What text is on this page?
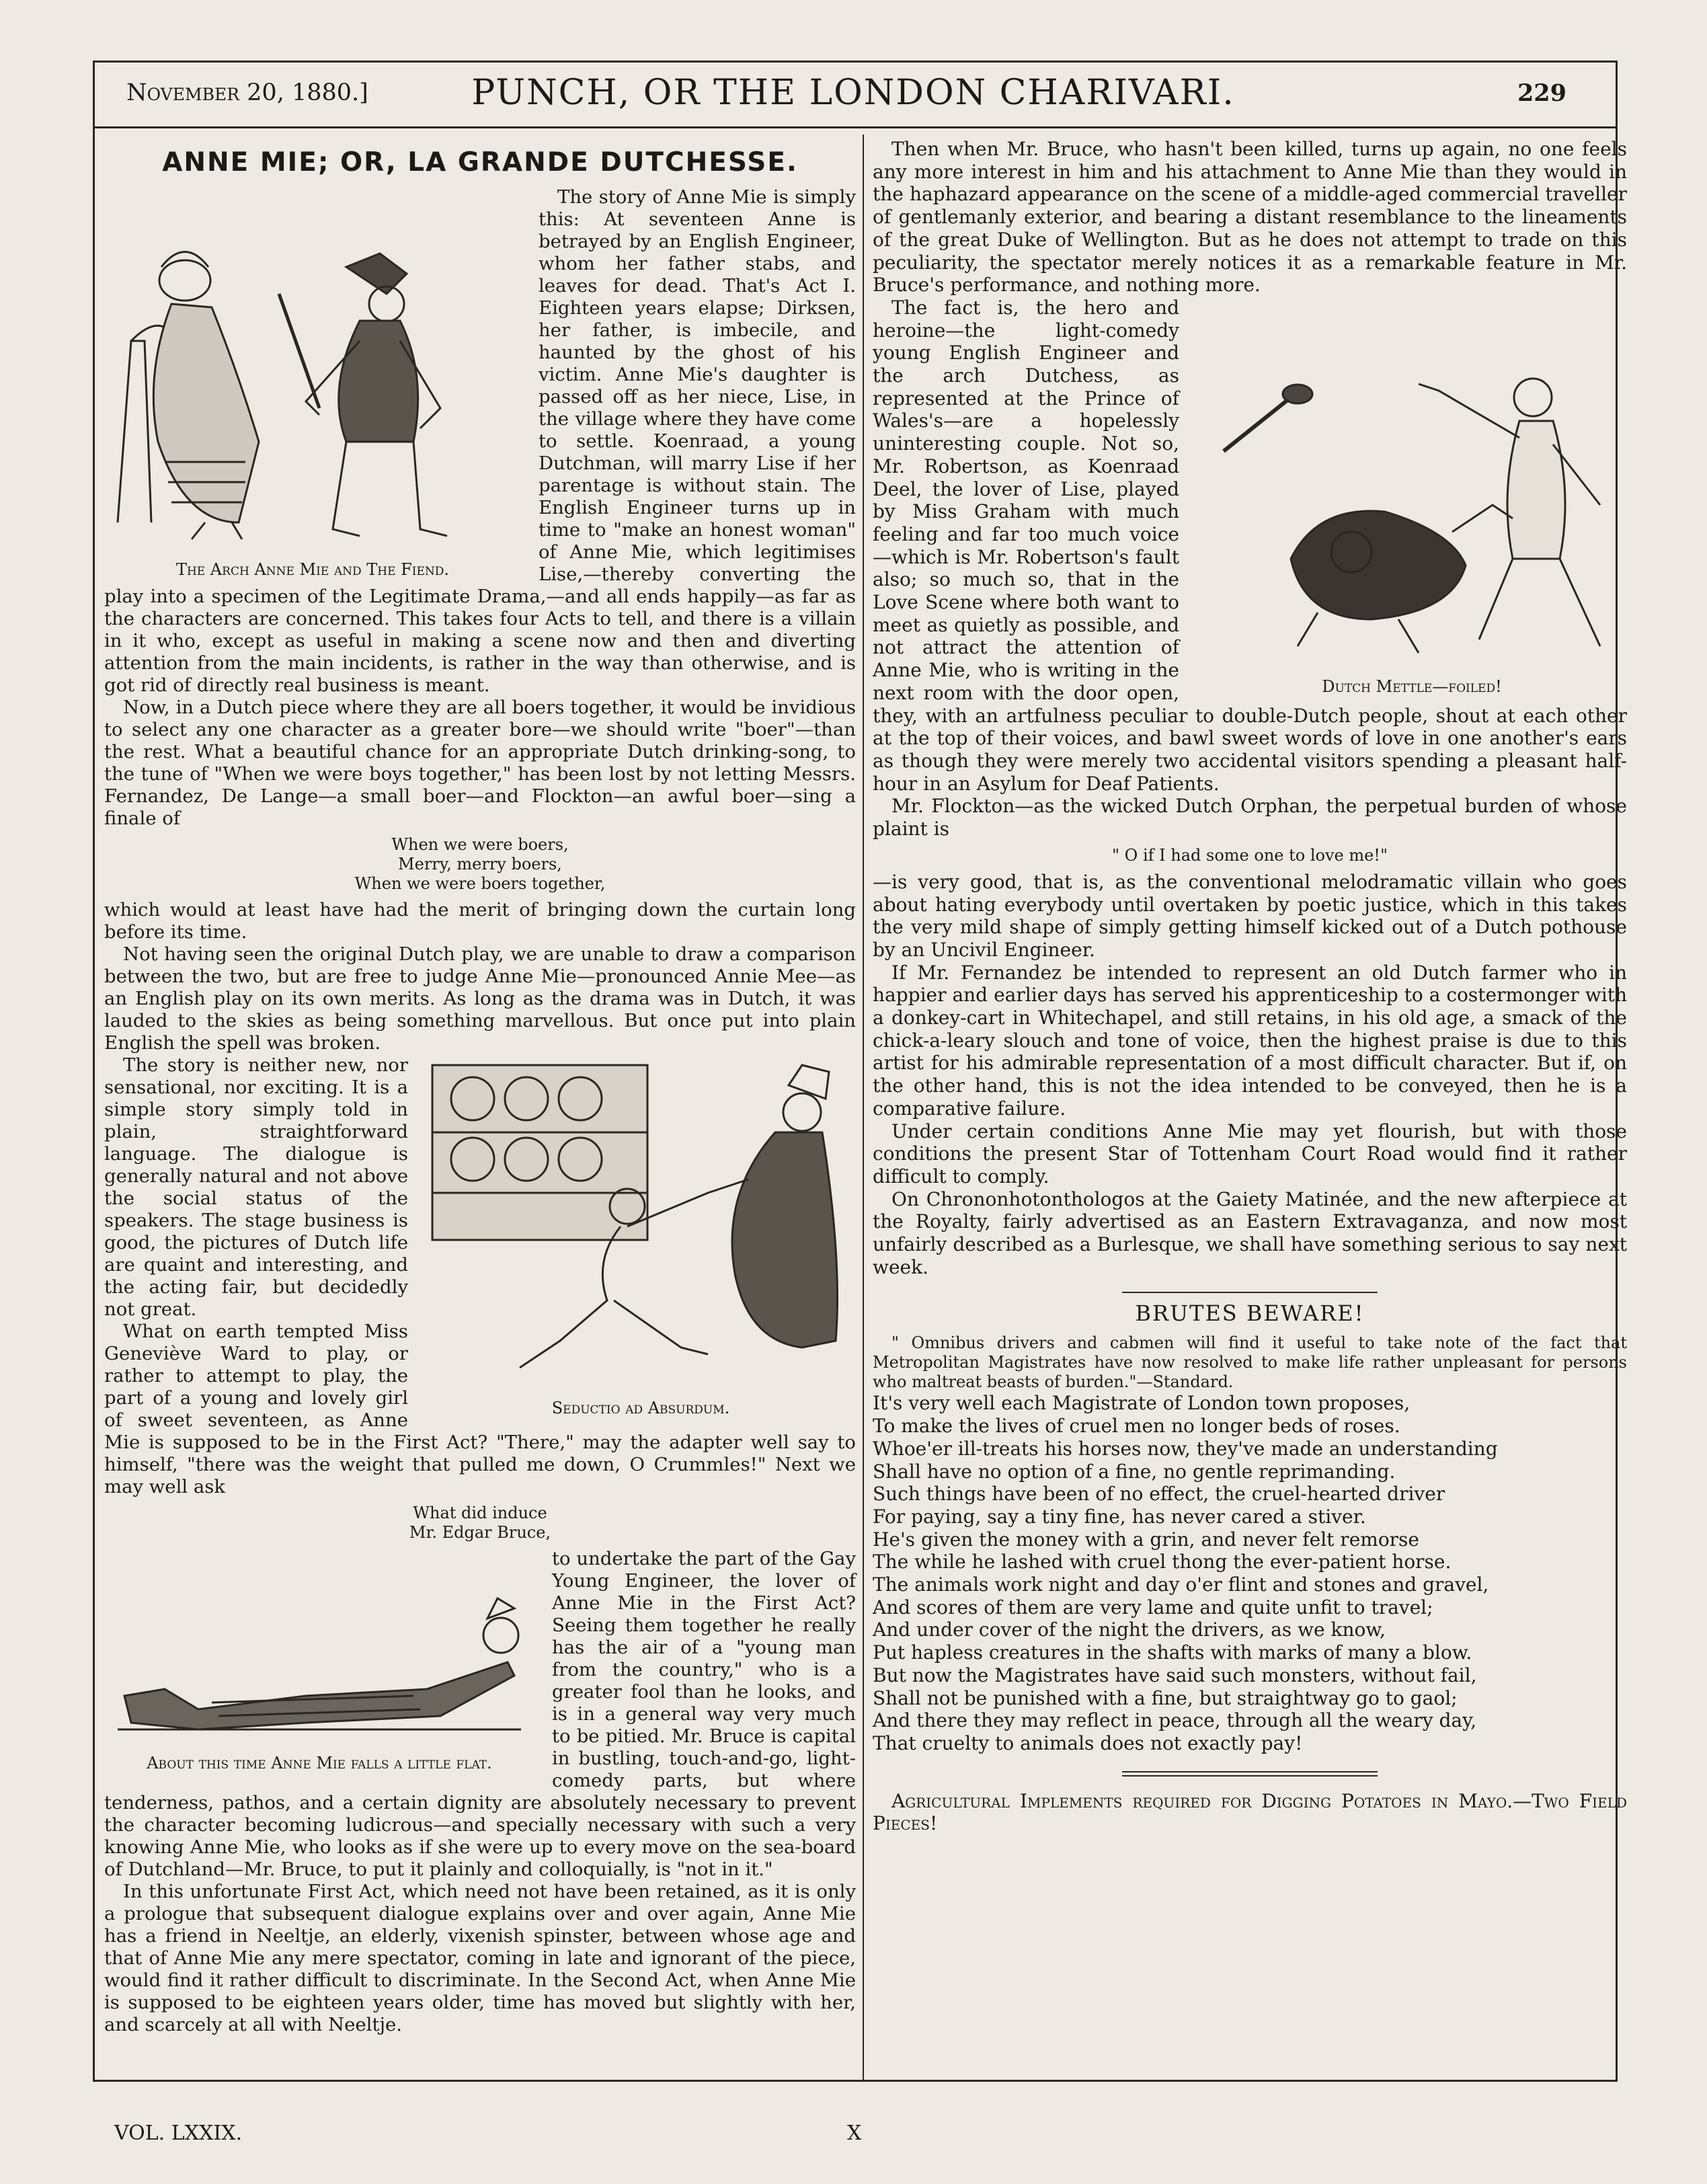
November 20, 1880.]	PUNCH, OR THE LONDON CHARIVARI.	229
ANNE MIE; OR, LA GRANDE DUTCHESSE.
The Arch Anne Mie and The Fiend.

The story of Anne Mie is simply this: At seventeen Anne is betrayed by an English Engineer, whom her father stabs, and leaves for dead. That's Act I. Eighteen years elapse; Dirksen, her father, is imbecile, and haunted by the ghost of his victim. Anne Mie's daughter is passed off as her niece, Lise, in the village where they have come to settle. Koenraad, a young Dutchman, will marry Lise if her parentage is without stain. The English Engineer turns up in time to "make an honest woman" of Anne Mie, which legitimises Lise,—thereby converting the play into a specimen of the Legitimate Drama,—and all ends happily—as far as the characters are concerned. This takes four Acts to tell, and there is a villain in it who, except as useful in making a scene now and then and diverting attention from the main incidents, is rather in the way than otherwise, and is got rid of directly real business is meant.

Now, in a Dutch piece where they are all boers together, it would be invidious to select any one character as a greater bore—we should write "boer"—than the rest. What a beautiful chance for an appropriate Dutch drinking-song, to the tune of "When we were boys together," has been lost by not letting Messrs. Fernandez, De Lange—a small boer—and Flockton—an awful boer—sing a finale of

When we were boers,
Merry, merry boers,
When we were boers together,

which would at least have had the merit of bringing down the curtain long before its time.

Not having seen the original Dutch play, we are unable to draw a comparison between the two, but are free to judge Anne Mie—pronounced Annie Mee—as an English play on its own merits. As long as the drama was in Dutch, it was lauded to the skies as being something marvellous. But once put into plain English the spell was broken.

Seductio ad Absurdum.

The story is neither new, nor sensational, nor exciting. It is a simple story simply told in plain, straightforward language. The dialogue is generally natural and not above the social status of the speakers. The stage business is good, the pictures of Dutch life are quaint and interesting, and the acting fair, but decidedly not great.

What on earth tempted Miss Geneviève Ward to play, or rather to attempt to play, the part of a young and lovely girl of sweet seventeen, as Anne Mie is supposed to be in the First Act? "There," may the adapter well say to himself, "there was the weight that pulled me down, O Crummles!" Next we may well ask

What did induce
Mr. Edgar Bruce,
About this time Anne Mie falls a little flat.

to undertake the part of the Gay Young Engineer, the lover of Anne Mie in the First Act? Seeing them together he really has the air of a "young man from the country," who is a greater fool than he looks, and is in a general way very much to be pitied. Mr. Bruce is capital in bustling, touch-and-go, light-comedy parts, but where tenderness, pathos, and a certain dignity are absolutely necessary to prevent the character becoming ludicrous—and specially necessary with such a very knowing Anne Mie, who looks as if she were up to every move on the sea-board of Dutchland—Mr. Bruce, to put it plainly and colloquially, is "not in it."

In this unfortunate First Act, which need not have been retained, as it is only a prologue that subsequent dialogue explains over and over again, Anne Mie has a friend in Neeltje, an elderly, vixenish spinster, between whose age and that of Anne Mie any mere spectator, coming in late and ignorant of the piece, would find it rather difficult to discriminate. In the Second Act, when Anne Mie is supposed to be eighteen years older, time has moved but slightly with her, and scarcely at all with Neeltje.

Then when Mr. Bruce, who hasn't been killed, turns up again, no one feels any more interest in him and his attachment to Anne Mie than they would in the haphazard appearance on the scene of a middle-aged commercial traveller of gentlemanly exterior, and bearing a distant resemblance to the lineaments of the great Duke of Wellington. But as he does not attempt to trade on this peculiarity, the spectator merely notices it as a remarkable feature in Mr. Bruce's performance, and nothing more.

Dutch Mettle—foiled!

The fact is, the hero and heroine—the light-comedy young English Engineer and the arch Dutchess, as represented at the Prince of Wales's—are a hopelessly uninteresting couple. Not so, Mr. Robertson, as Koenraad Deel, the lover of Lise, played by Miss Graham with much feeling and far too much voice—which is Mr. Robertson's fault also; so much so, that in the Love Scene where both want to meet as quietly as possible, and not attract the attention of Anne Mie, who is writing in the next room with the door open, they, with an artfulness peculiar to double-Dutch people, shout at each other at the top of their voices, and bawl sweet words of love in one another's ears as though they were merely two accidental visitors spending a pleasant half-hour in an Asylum for Deaf Patients.

Mr. Flockton—as the wicked Dutch Orphan, the perpetual burden of whose plaint is

" O if I had some one to love me!"

—is very good, that is, as the conventional melodramatic villain who goes about hating everybody until overtaken by poetic justice, which in this takes the very mild shape of simply getting himself kicked out of a Dutch pothouse by an Uncivil Engineer.

If Mr. Fernandez be intended to represent an old Dutch farmer who in happier and earlier days has served his apprenticeship to a costermonger with a donkey-cart in Whitechapel, and still retains, in his old age, a smack of the chick-a-leary slouch and tone of voice, then the highest praise is due to this artist for his admirable representation of a most difficult character. But if, on the other hand, this is not the idea intended to be conveyed, then he is a comparative failure.

Under certain conditions Anne Mie may yet flourish, but with those conditions the present Star of Tottenham Court Road would find it rather difficult to comply.

On Chrononhotonthologos at the Gaiety Matinée, and the new afterpiece at the Royalty, fairly advertised as an Eastern Extravaganza, and now most unfairly described as a Burlesque, we shall have something serious to say next week.

BRUTES BEWARE!

" Omnibus drivers and cabmen will find it useful to take note of the fact that Metropolitan Magistrates have now resolved to make life rather unpleasant for persons who maltreat beasts of burden."—Standard.

It's very well each Magistrate of London town proposes,
To make the lives of cruel men no longer beds of roses.
Whoe'er ill-treats his horses now, they've made an understanding
Shall have no option of a fine, no gentle reprimanding.
Such things have been of no effect, the cruel-hearted driver
For paying, say a tiny fine, has never cared a stiver.
He's given the money with a grin, and never felt remorse
The while he lashed with cruel thong the ever-patient horse.
The animals work night and day o'er flint and stones and gravel,
And scores of them are very lame and quite unfit to travel;
And under cover of the night the drivers, as we know,
Put hapless creatures in the shafts with marks of many a blow.
But now the Magistrates have said such monsters, without fail,
Shall not be punished with a fine, but straightway go to gaol;
And there they may reflect in peace, through all the weary day,
That cruelty to animals does not exactly pay!

Agricultural Implements required for Digging Potatoes in Mayo.—Two Field Pieces!

VOL. LXXIX.	X
